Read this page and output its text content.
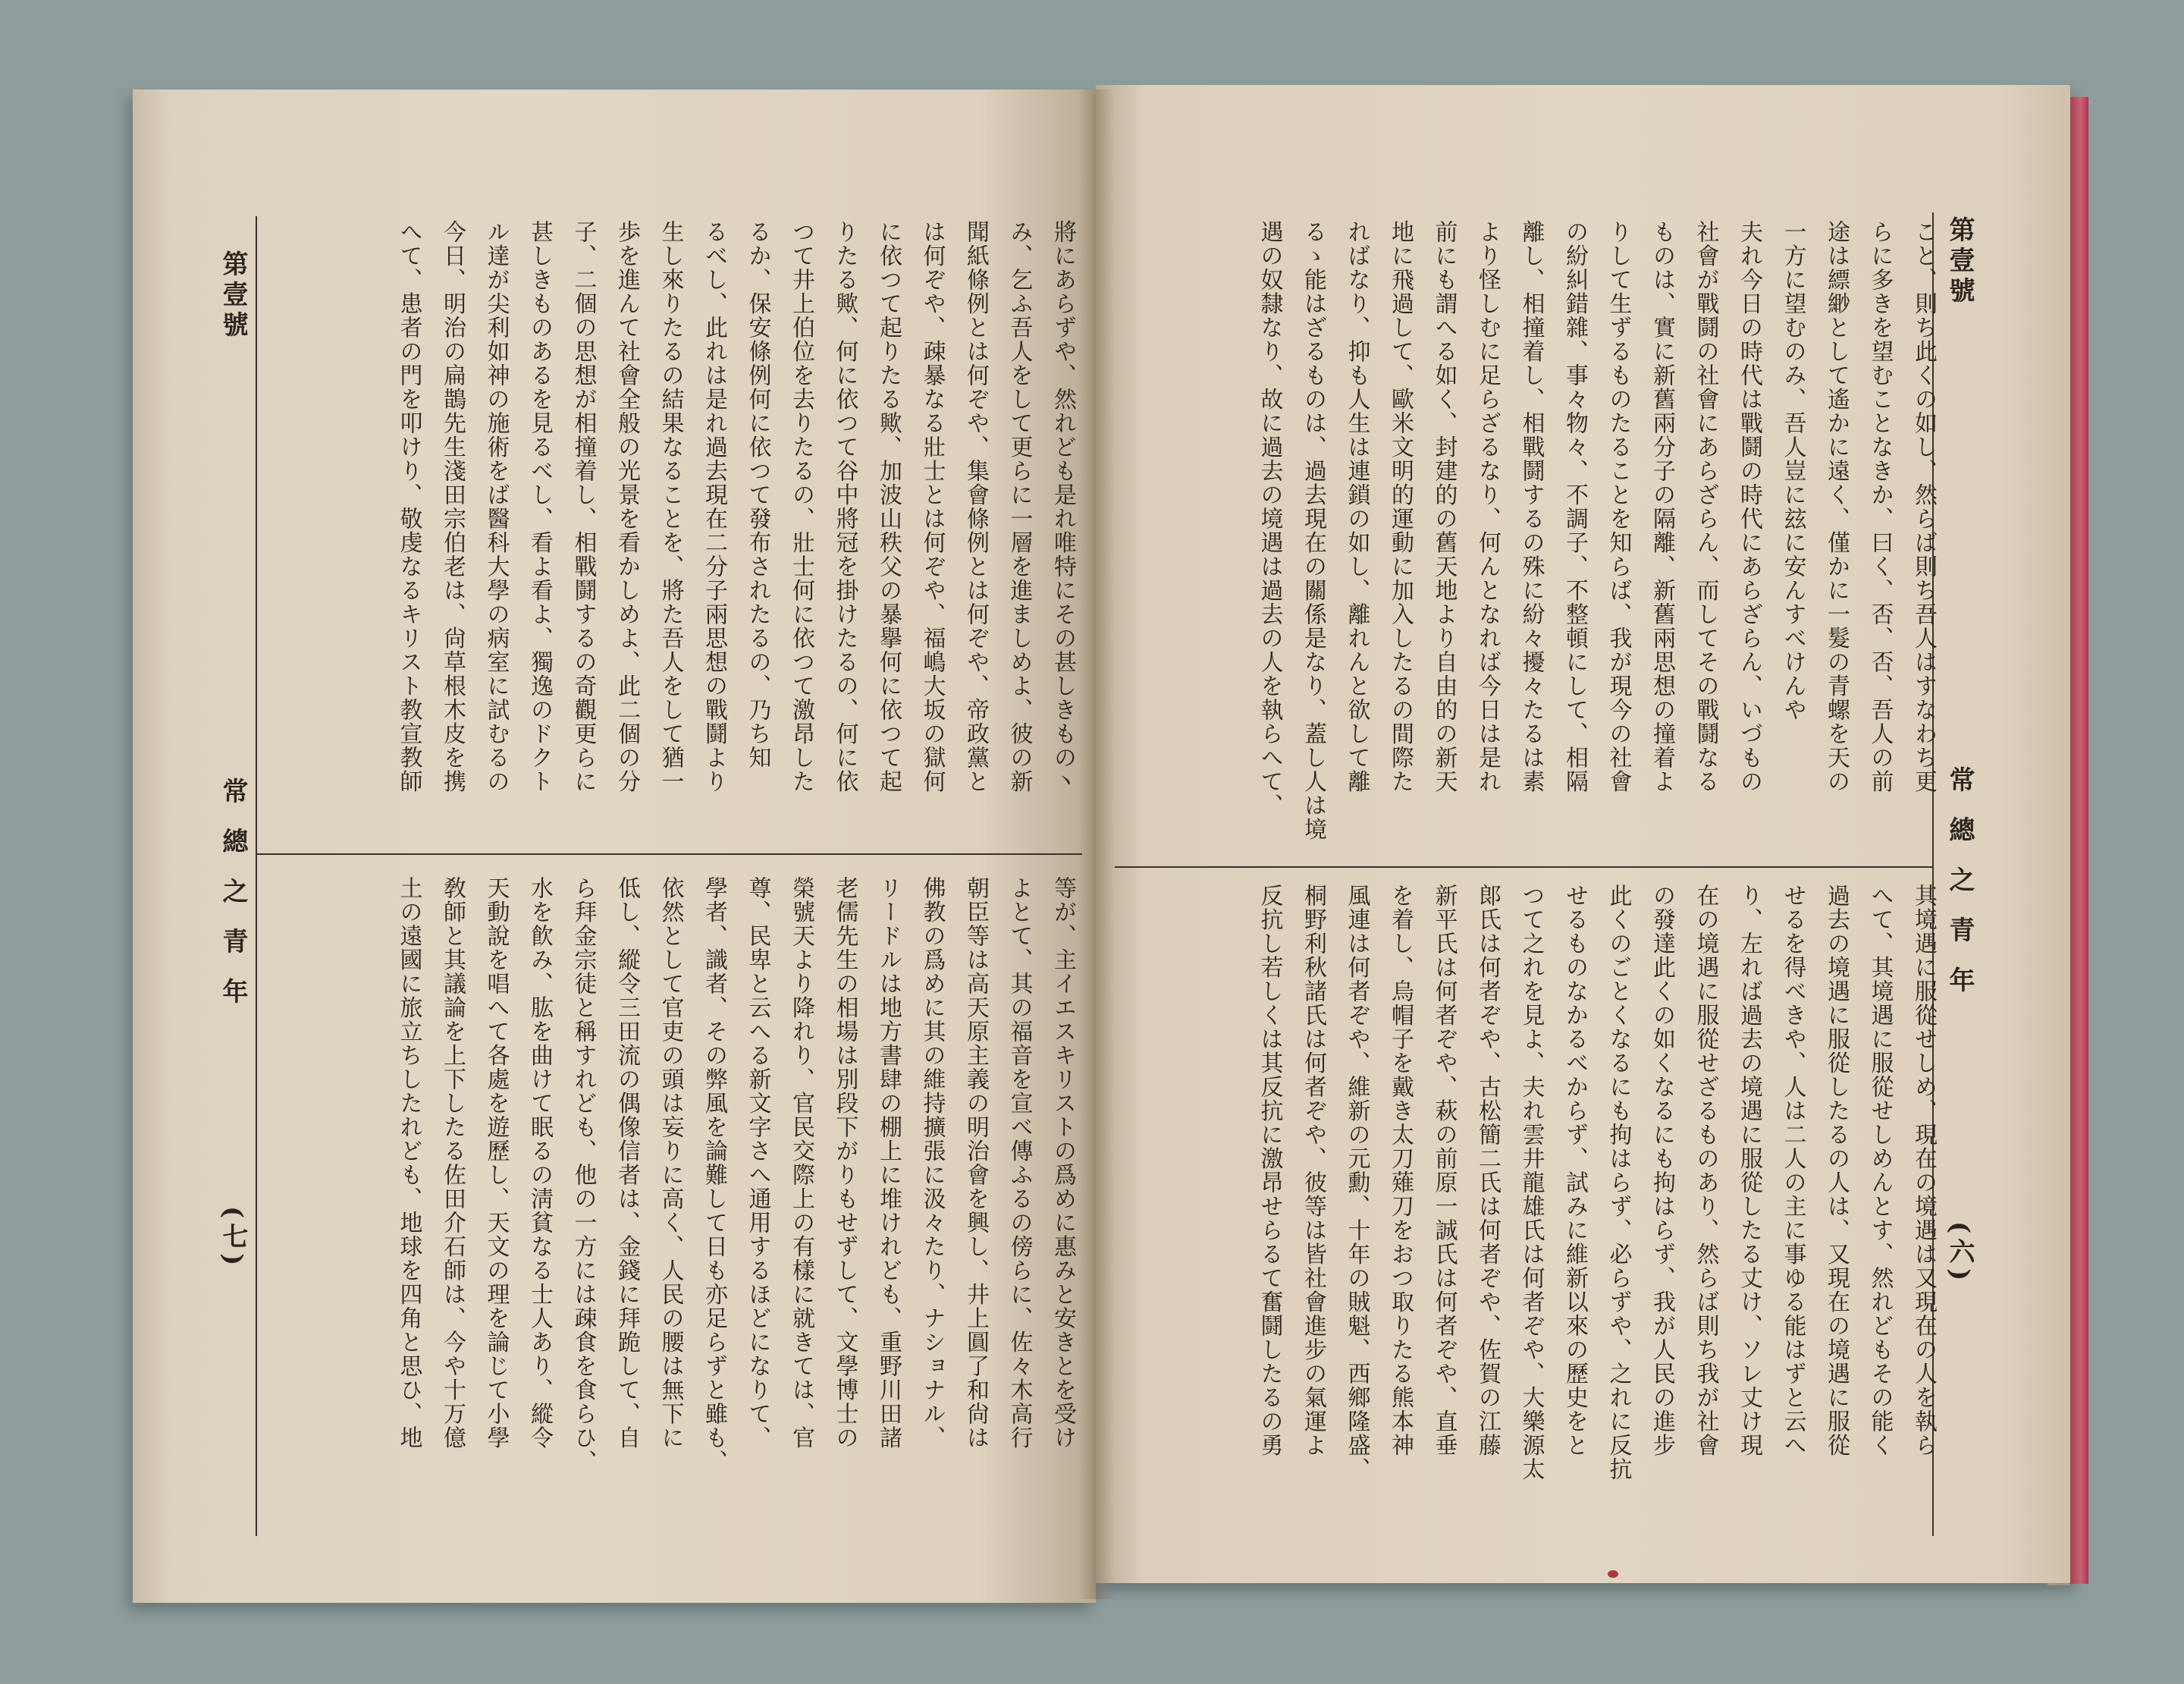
第壹號
常總之青年
(七)
第壹號
常總之青年
(六)

將にあらずや、然れども是れ唯特にその甚しきもの丶

み、乞ふ吾人をして更らに一層を進ましめよ、彼の新

聞紙條例とは何ぞや、集會條例とは何ぞや、帝政黨と

は何ぞや、疎暴なる壯士とは何ぞや、福嶋大坂の獄何

に依つて起りたる歟、加波山秩父の暴擧何に依つて起

りたる歟、何に依つて谷中將冠を掛けたるの、何に依

つて井上伯位を去りたるの、壯士何に依つて激昂した

るか、保安條例何に依つて發布されたるの、乃ち知

るべし、此れは是れ過去現在二分子兩思想の戰鬪より

生し來りたるの結果なることを、將た吾人をして猶一

歩を進んて社會全般の光景を看かしめよ、此二個の分

子、二個の思想が相撞着し、相戰鬪するの奇觀更らに

甚しきものあるを見るべし、看よ看よ、獨逸のドクト

ル達が尖利如神の施術をば醫科大學の病室に試むるの

今日、明治の扁鵲先生淺田宗伯老は、尙草根木皮を携

へて、患者の門を叩けり、敬虔なるキリスト教宣教師

等が、主イエスキリストの爲めに惠みと安きとを受け

よとて、其の福音を宣べ傳ふるの傍らに、佐々木高行

朝臣等は高天原主義の明治會を興し、井上圓了和尙は

佛教の爲めに其の維持擴張に汲々たり、ナショナル、

リードルは地方書肆の棚上に堆けれども、重野川田諸

老儒先生の相場は別段下がりもせずして、文學博士の

榮號天より降れり、官民交際上の有樣に就きては、官

尊、民卑と云へる新文字さへ通用するほどになりて、

學者、識者、その弊風を論難して日も亦足らずと雖も、

依然として官吏の頭は妄りに高く、人民の腰は無下に

低し、縱令三田流の偶像信者は、金錢に拜跪して、自

ら拜金宗徒と稱すれども、他の一方には疎食を食らひ、

水を飮み、肱を曲けて眠るの淸貧なる士人あり、縱令

天動說を唱へて各處を遊歷し、天文の理を論じて小學

敎師と其議論を上下したる佐田介石師は、今や十万億

土の遠國に旅立ちしたれども、地球を四角と思ひ、地

こと、則ち此くの如し、然らば則ち吾人はすなわち更

らに多きを望むことなきか、曰く、否、否、吾人の前

途は縹緲として遙かに遠く、僅かに一髮の青螺を天の

一方に望むのみ、吾人豈に玆に安んすべけんや

夫れ今日の時代は戰鬪の時代にあらざらん、いづもの

社會が戰鬪の社會にあらざらん、而してその戰鬪なる

ものは、實に新舊兩分子の隔離、新舊兩思想の撞着よ

りして生ずるものたることを知らば、我が現今の社會

の紛糾錯雜、事々物々、不調子、不整頓にして、相隔

離し、相撞着し、相戰鬪するの殊に紛々擾々たるは素

より怪しむに足らざるなり、何んとなれば今日は是れ

前にも謂へる如く、封建的の舊天地より自由的の新天

地に飛過して、歐米文明的運動に加入したるの間際た

ればなり、抑も人生は連鎖の如し、離れんと欲して離

るゝ能はざるものは、過去現在の關係是なり、蓋し人は境

遇の奴隸なり、故に過去の境遇は過去の人を執らへて、

其境遇に服從せしめ、現在の境遇は又現在の人を執ら

へて、其境遇に服從せしめんとす、然れどもその能く

過去の境遇に服從したるの人は、又現在の境遇に服從

せるを得べきや、人は二人の主に事ゆる能はずと云へ

り、左れば過去の境遇に服從したる丈け、ソレ丈け現

在の境遇に服從せざるものあり、然らば則ち我が社會

の發達此くの如くなるにも拘はらず、我が人民の進步

此くのごとくなるにも拘はらず、必らずや、之れに反抗

せるものなかるべからず、試みに維新以來の歷史をと

つて之れを見よ、夫れ雲井龍雄氏は何者ぞや、大樂源太

郞氏は何者ぞや、古松簡二氏は何者ぞや、佐賀の江藤

新平氏は何者ぞや、萩の前原一誠氏は何者ぞや、直垂

を着し、烏帽子を戴き太刀薙刀をおつ取りたる熊本神

風連は何者ぞや、維新の元勳、十年の賊魁、西鄉隆盛、

桐野利秋諸氏は何者ぞや、彼等は皆社會進步の氣運よ

反抗し若しくは其反抗に激昂せらるて奮鬪したるの勇
